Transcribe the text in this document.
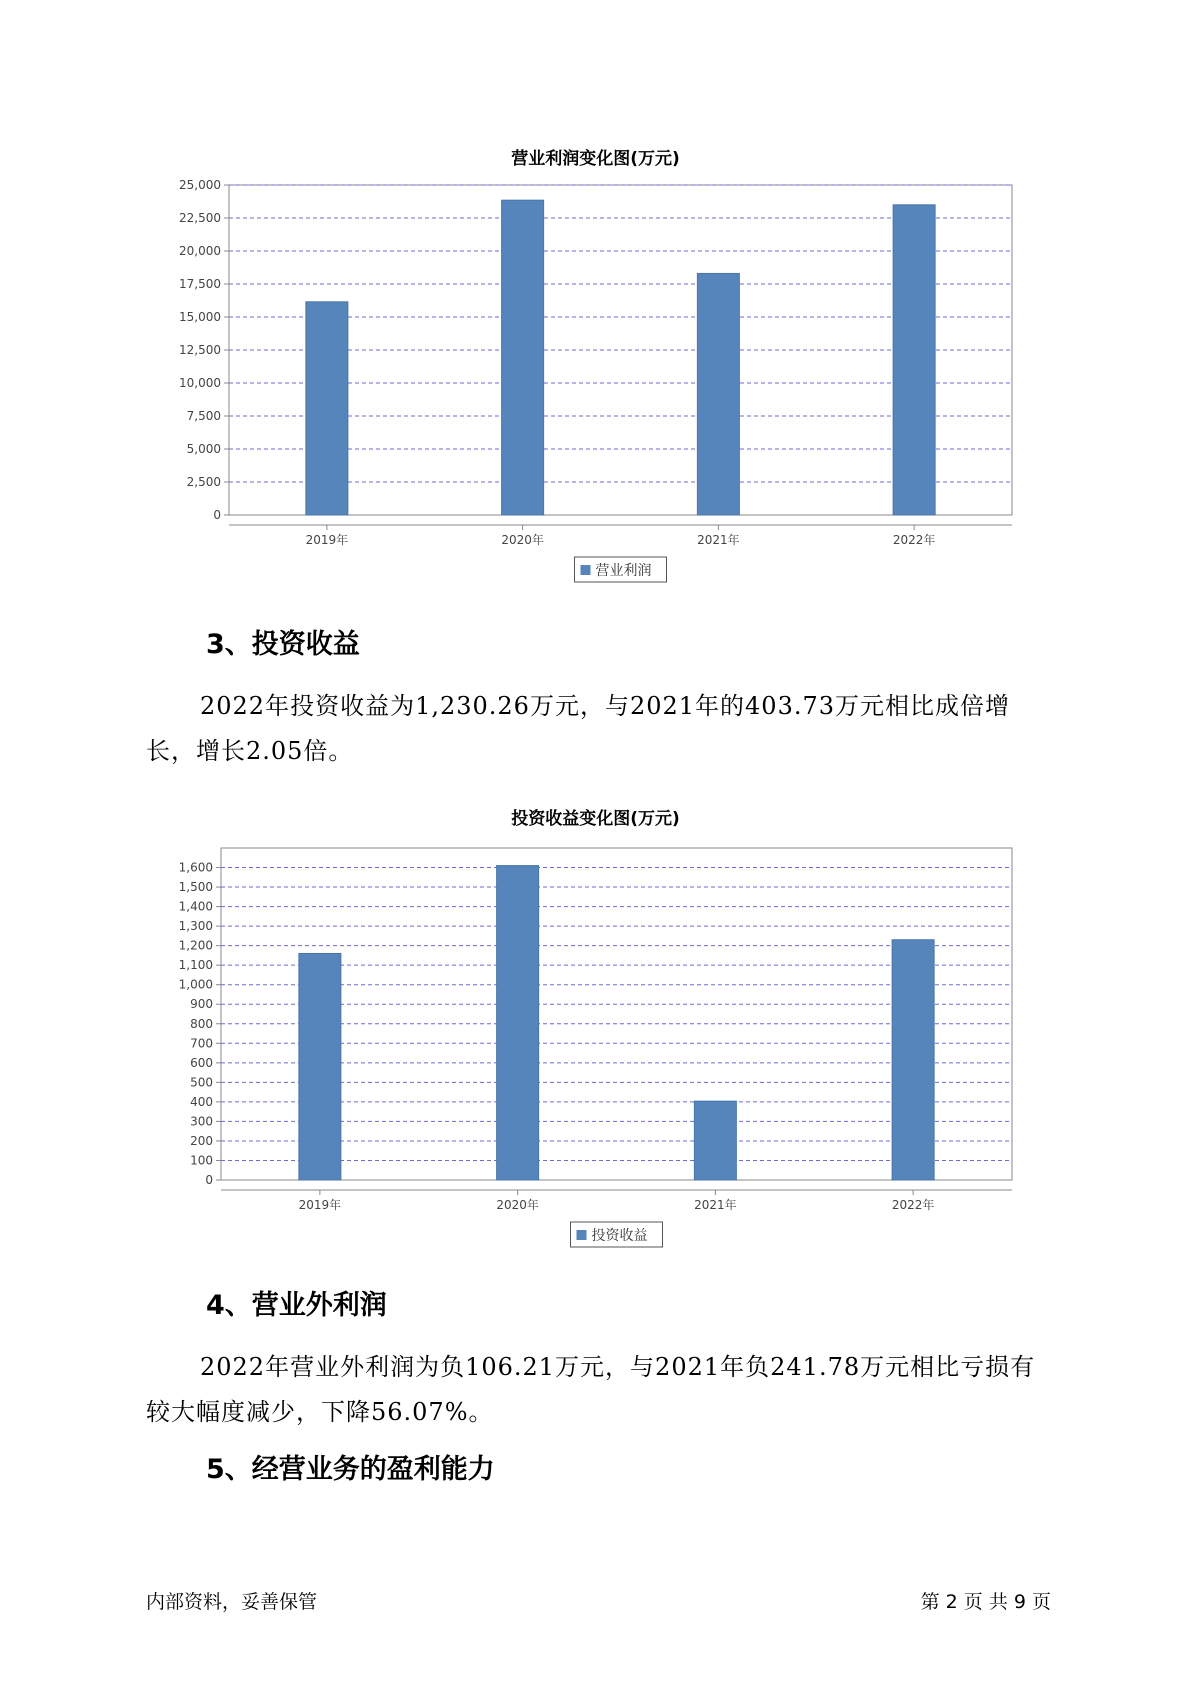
营业利润变化图(万元)
0
2,500
5,000
7,500
10,000
12,500
15,000
17,500
20,000
22,500
25,000
2019年	2020年	2021年	2022年
营业利润
3、投资收益
2022年投资收益为1,230.26万元，与2021年的403.73万元相比成倍增长，增长2.05倍。
投资收益变化图(万元)
0
100
200
300
400
500
600
700
800
900
1,000
1,100
1,200
1,300
1,400
1,500
1,600
2019年	2020年	2021年	2022年
投资收益
4、营业外利润
2022年营业外利润为负106.21万元，与2021年负241.78万元相比亏损有较大幅度减少，下降56.07%。
5、经营业务的盈利能力
内部资料，妥善保管	第 2 页 共 9 页
